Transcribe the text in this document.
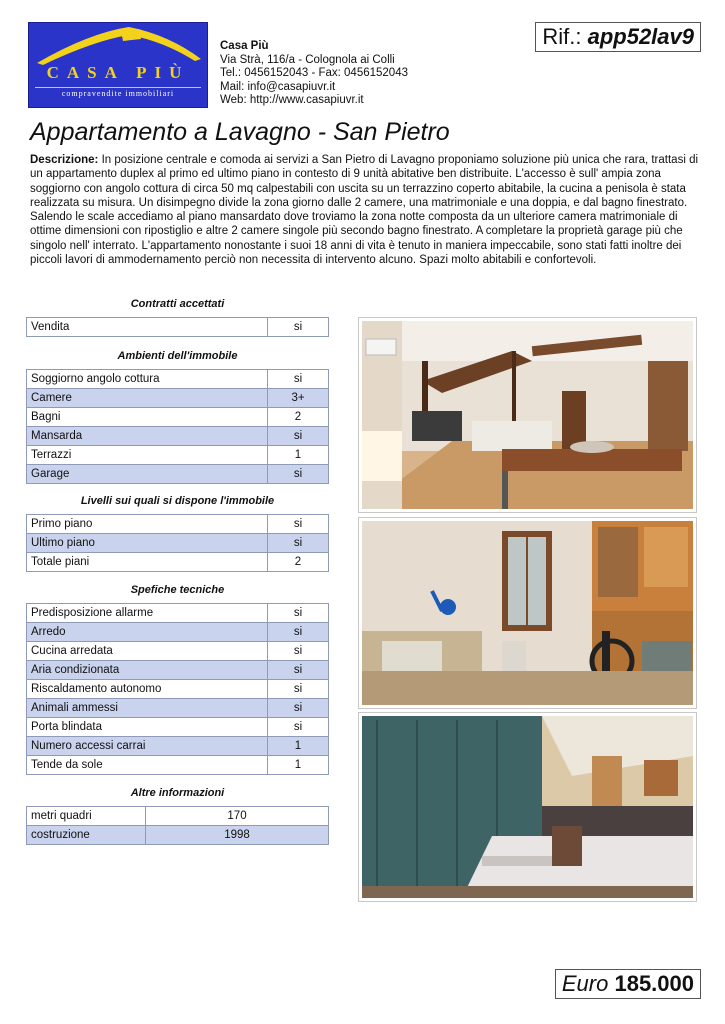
CASA PIÙ
compravendite immobiliari
Casa Più
Via Strà, 116/a - Colognola ai Colli
Tel.: 0456152043 - Fax: 0456152043
Mail: info@casapiuvr.it
Web: http://www.casapiuvr.it
Rif.: app52lav9
Appartamento a Lavagno - San Pietro

Descrizione: In posizione centrale e comoda ai servizi a San Pietro di Lavagno proponiamo soluzione più unica che rara, trattasi di un appartamento duplex al primo ed ultimo piano in contesto di 9 unità abitative ben distribuite. L'accesso è sull' ampia zona soggiorno con angolo cottura di circa 50 mq calpestabili con uscita su un terrazzino coperto abitabile, la cucina a penisola è stata realizzata su misura. Un disimpegno divide la zona giorno dalle 2 camere, una matrimoniale e una doppia, e dal bagno finestrato. Salendo le scale accediamo al piano mansardato dove troviamo la zona notte composta da un ulteriore camera matrimoniale di ottime dimensioni con ripostiglio e altre 2 camere singole più secondo bagno finestrato. A completare la proprietà garage più che singolo nell' interrato. L'appartamento nonostante i suoi 18 anni di vita è tenuto in maniera impeccabile, sono stati fatti inoltre dei piccoli lavori di ammodernamento perciò non necessita di intervento alcuno. Spazi molto abitabili e confortevoli.

Contratti accettati
Vendita	si
Ambienti dell'immobile
Soggiorno angolo cottura	si
Camere	3+
Bagni	2
Mansarda	si
Terrazzi	1
Garage	si
Livelli sui quali si dispone l'immobile
Primo piano	si
Ultimo piano	si
Totale piani	2
Speﬁche tecniche
Predisposizione allarme	si
Arredo	si
Cucina arredata	si
Aria condizionata	si
Riscaldamento autonomo	si
Animali ammessi	si
Porta blindata	si
Numero accessi carrai	1
Tende da sole	1
Altre informazioni
metri quadri	170
costruzione	1998
Euro 185.000
